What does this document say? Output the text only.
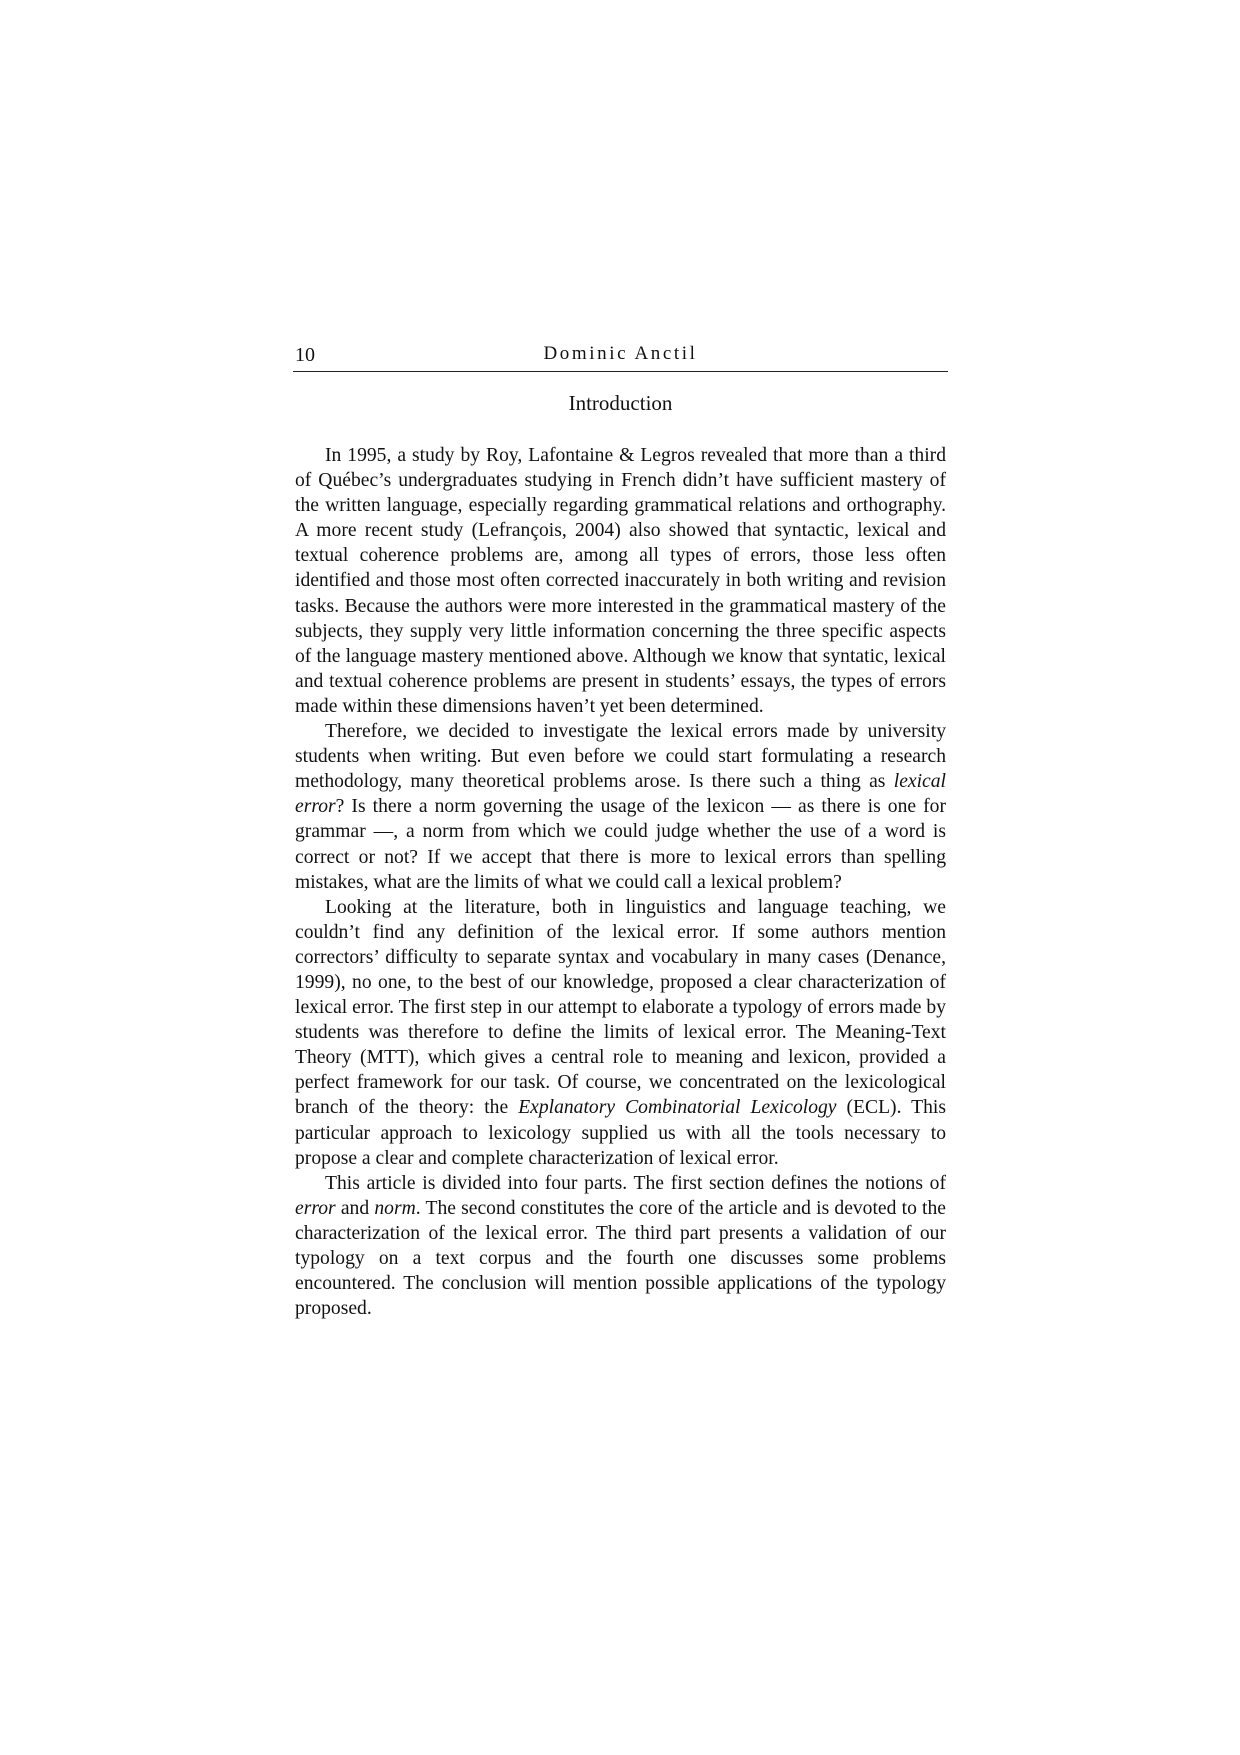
10	Dominic Anctil
Introduction

In 1995, a study by Roy, Lafontaine & Legros revealed that more than a third of Québec’s undergraduates studying in French didn’t have sufficient mastery of the written language, especially regarding grammatical relations and orthography. A more recent study (Lefrançois, 2004) also showed that syntactic, lexical and textual coherence problems are, among all types of errors, those less often identified and those most often corrected inaccurately in both writing and revision tasks. Because the authors were more interested in the grammatical mastery of the subjects, they supply very little information concerning the three specific aspects of the language mastery mentioned above. Although we know that syntatic, lexical and textual coherence problems are present in students’ essays, the types of errors made within these dimensions haven’t yet been determined.

Therefore, we decided to investigate the lexical errors made by university students when writing. But even before we could start formulating a research methodology, many theoretical problems arose. Is there such a thing as lexical error? Is there a norm governing the usage of the lexicon — as there is one for grammar —, a norm from which we could judge whether the use of a word is correct or not? If we accept that there is more to lexical errors than spelling mistakes, what are the limits of what we could call a lexical problem?

Looking at the literature, both in linguistics and language teaching, we couldn’t find any definition of the lexical error. If some authors mention correctors’ difficulty to separate syntax and vocabulary in many cases (Denance, 1999), no one, to the best of our knowledge, proposed a clear characterization of lexical error. The first step in our attempt to elaborate a typology of errors made by students was therefore to define the limits of lexical error. The Meaning-Text Theory (MTT), which gives a central role to meaning and lexicon, provided a perfect framework for our task. Of course, we concentrated on the lexicological branch of the theory: the Explanatory Combinatorial Lexicology (ECL). This particular approach to lexicology supplied us with all the tools necessary to propose a clear and complete characterization of lexical error.

This article is divided into four parts. The first section defines the notions of error and norm. The second constitutes the core of the article and is devoted to the characterization of the lexical error. The third part presents a validation of our typology on a text corpus and the fourth one discusses some problems encountered. The conclusion will mention possible applications of the typology proposed.
